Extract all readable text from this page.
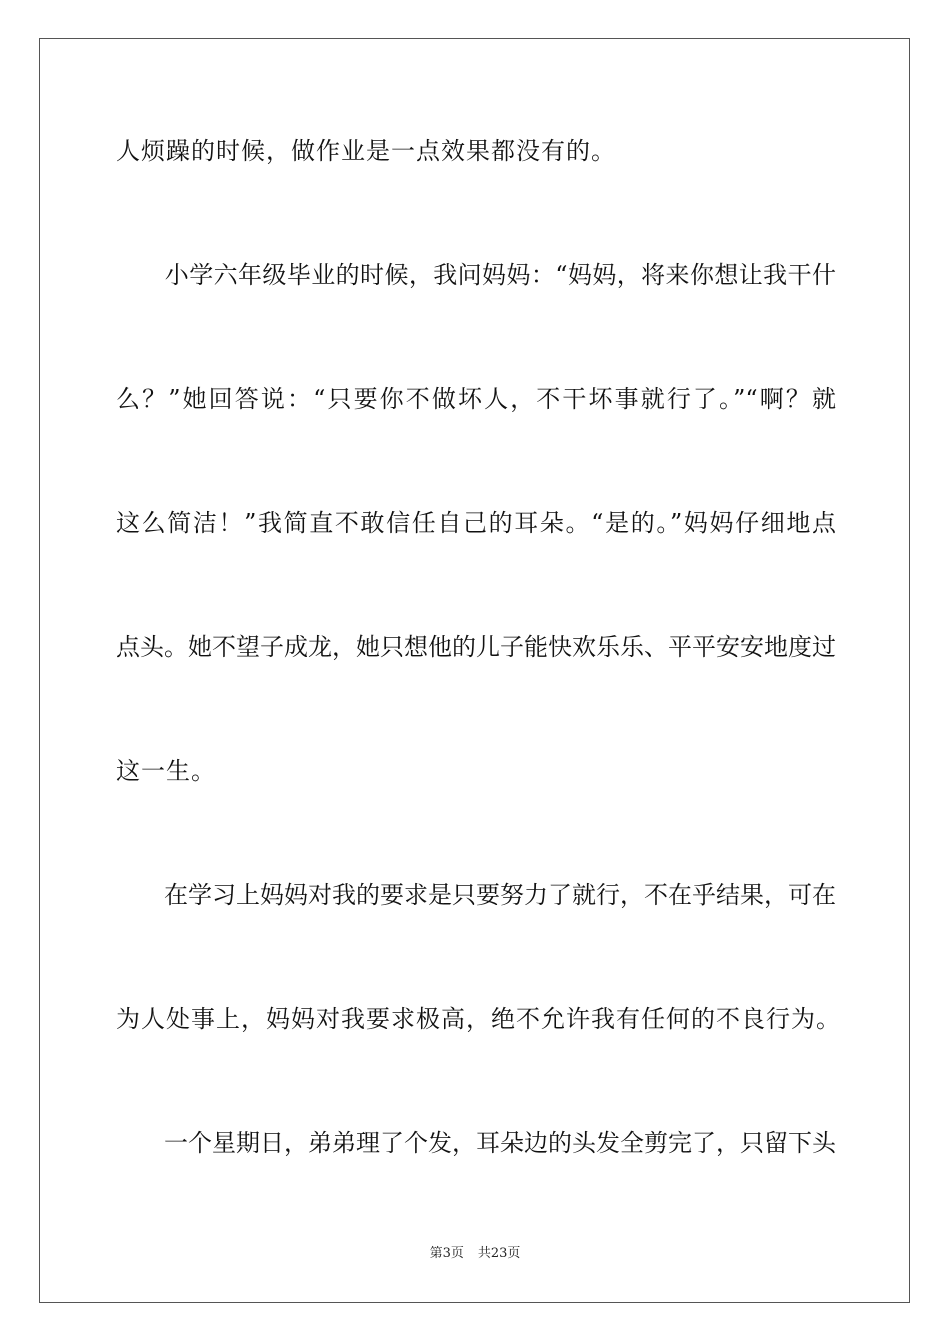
人烦躁的时候，做作业是一点效果都没有的。
　　小学六年级毕业的时候，我问妈妈：“妈妈，将来你想让我干什
么？”她回答说：“只要你不做坏人，不干坏事就行了。”“啊？就
这么简洁！”我简直不敢信任自己的耳朵。“是的。”妈妈仔细地点
点头。她不望子成龙，她只想他的儿子能快欢乐乐、平平安安地度过
这一生。
　　在学习上妈妈对我的要求是只要努力了就行，不在乎结果，可在
为人处事上，妈妈对我要求极高，绝不允许我有任何的不良行为。
　　一个星期日，弟弟理了个发，耳朵边的头发全剪完了，只留下头
第3页 共23页
